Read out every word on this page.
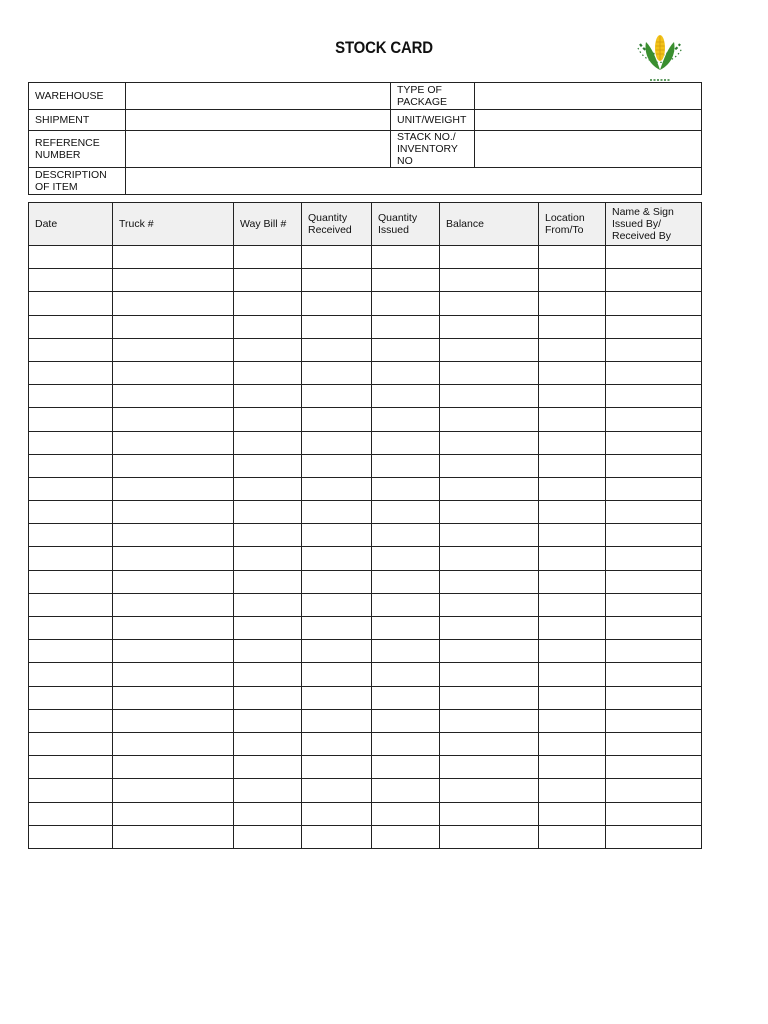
STOCK CARD
WAREHOUSE		TYPE OF PACKAGE	
SHIPMENT		UNIT/WEIGHT	
REFERENCE NUMBER		STACK NO./ INVENTORY NO	
DESCRIPTION OF ITEM			
Date	Truck #	Way Bill #	Quantity Received	Quantity Issued	Balance	Location From/To	Name & Sign Issued By/ Received By
